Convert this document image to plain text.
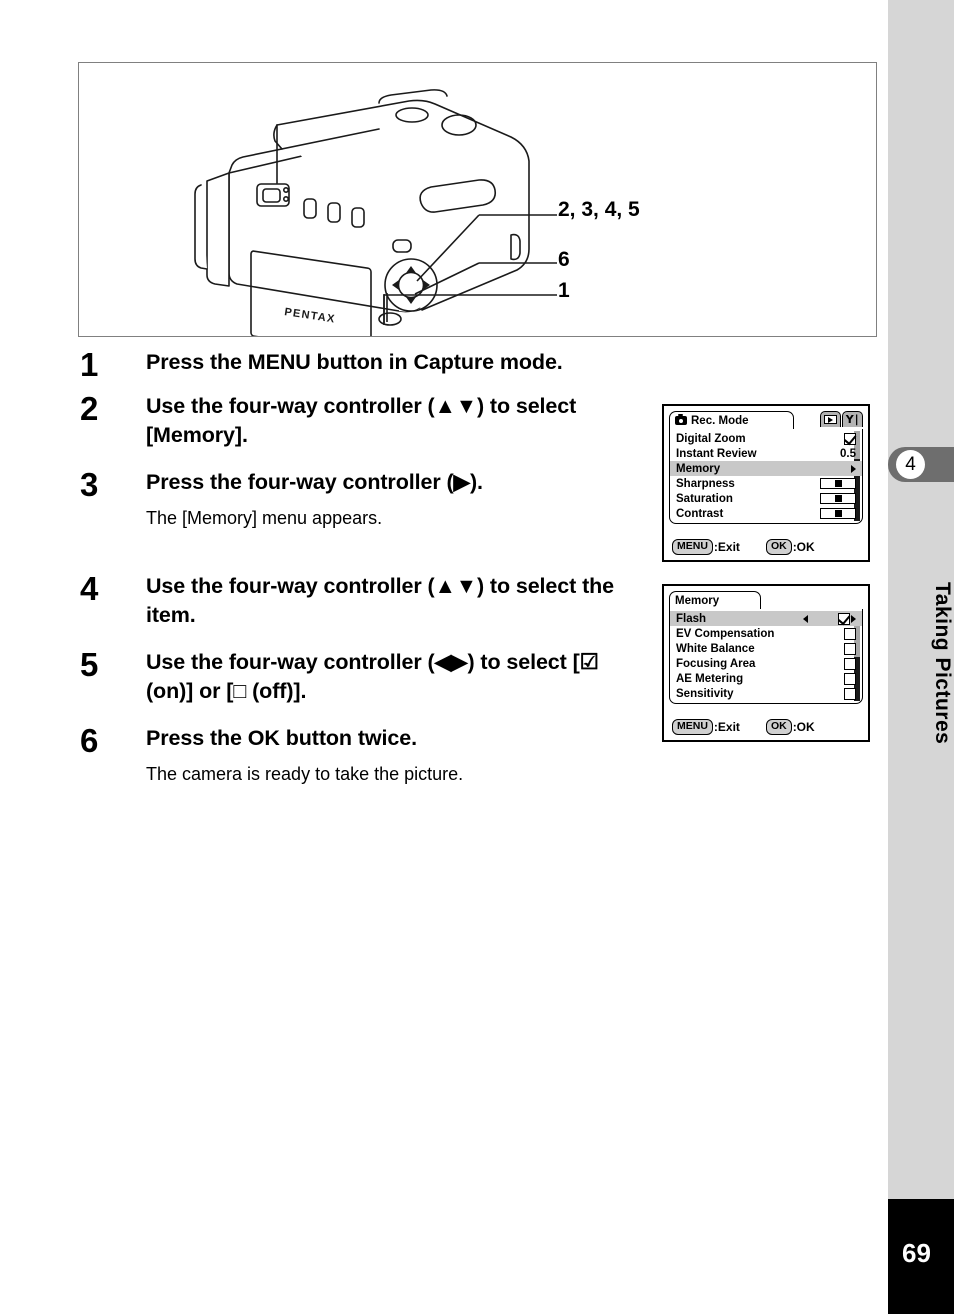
4
Taking Pictures
69
PENTAX
2, 3, 4, 5
6
1
1	Press the MENU button in Capture mode.
2	Use the four-way controller (▲▼) to select [Memory].
3	Press the four-way controller (▶).
The [Memory] menu appears.
4	Use the four-way controller (▲▼) to select the item.
5	Use the four-way controller (◀▶) to select [☑ (on)] or [□ (off)].
6	Press the OK button twice.
The camera is ready to take the picture.
Rec. Mode	Y∣
Digital Zoom
Instant Review	0.5
Memory
Sharpness
Saturation
Contrast
MENU :Exit	OK :OK
Memory
Flash
EV Compensation
White Balance
Focusing Area
AE Metering
Sensitivity
MENU :Exit	OK :OK
